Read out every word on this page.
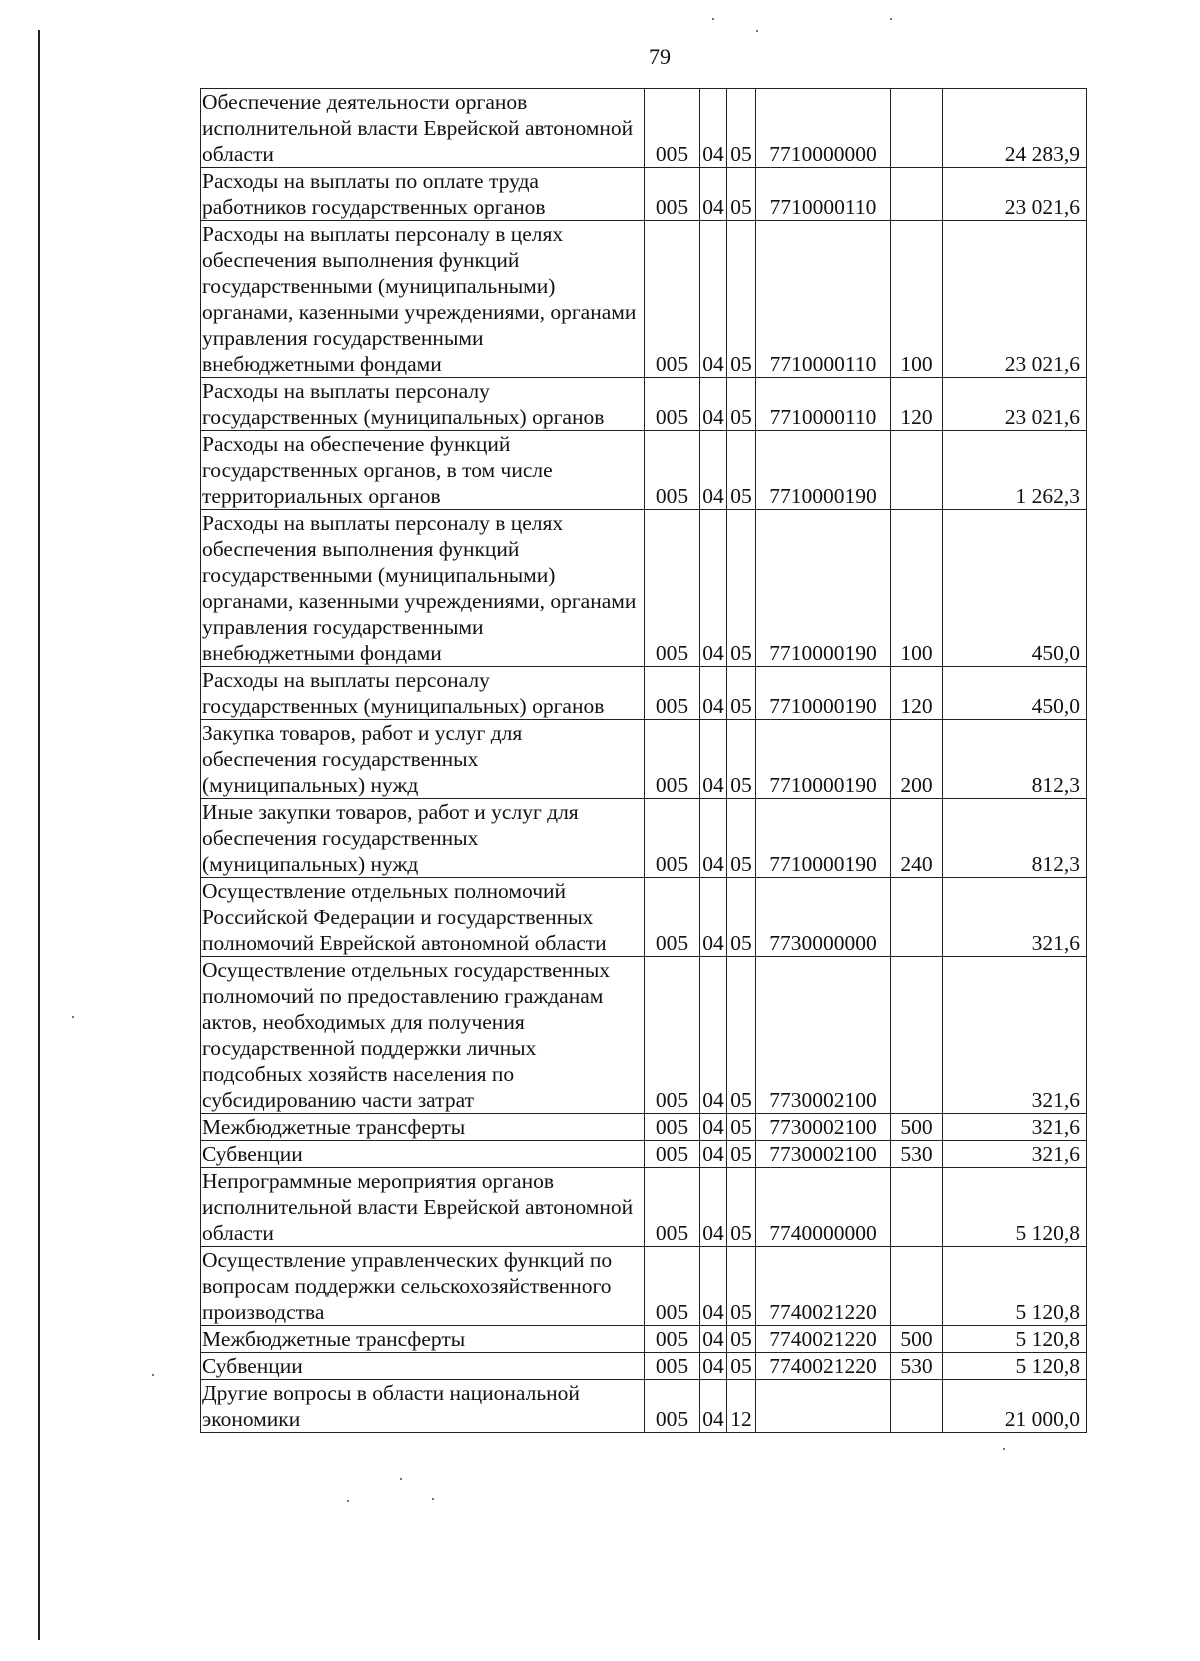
79
Обеспечение деятельности органов исполнительной власти Еврейской автономной области	005	04	05	7710000000		24 283,9
Расходы на выплаты по оплате труда работников государственных органов	005	04	05	7710000110		23 021,6
Расходы на выплаты персоналу в целях обеспечения выполнения функций государственными (муниципальными) органами, казенными учреждениями, органами управления государственными внебюджетными фондами	005	04	05	7710000110	100	23 021,6
Расходы на выплаты персоналу государственных (муниципальных) органов	005	04	05	7710000110	120	23 021,6
Расходы на обеспечение функций государственных органов, в том числе территориальных органов	005	04	05	7710000190		1 262,3
Расходы на выплаты персоналу в целях обеспечения выполнения функций государственными (муниципальными) органами, казенными учреждениями, органами управления государственными внебюджетными фондами	005	04	05	7710000190	100	450,0
Расходы на выплаты персоналу государственных (муниципальных) органов	005	04	05	7710000190	120	450,0
Закупка товаров, работ и услуг для обеспечения государственных (муниципальных) нужд	005	04	05	7710000190	200	812,3
Иные закупки товаров, работ и услуг для обеспечения государственных (муниципальных) нужд	005	04	05	7710000190	240	812,3
Осуществление отдельных полномочий Российской Федерации и государственных полномочий Еврейской автономной области	005	04	05	7730000000		321,6
Осуществление отдельных государственных полномочий по предоставлению гражданам актов, необходимых для получения государственной поддержки личных подсобных хозяйств населения по субсидированию части затрат	005	04	05	7730002100		321,6
Межбюджетные трансферты	005	04	05	7730002100	500	321,6
Субвенции	005	04	05	7730002100	530	321,6
Непрограммные мероприятия органов исполнительной власти Еврейской автономной области	005	04	05	7740000000		5 120,8
Осуществление управленческих функций по вопросам поддержки сельскохозяйственного производства	005	04	05	7740021220		5 120,8
Межбюджетные трансферты	005	04	05	7740021220	500	5 120,8
Субвенции	005	04	05	7740021220	530	5 120,8
Другие вопросы в области национальной экономики	005	04	12			21 000,0
